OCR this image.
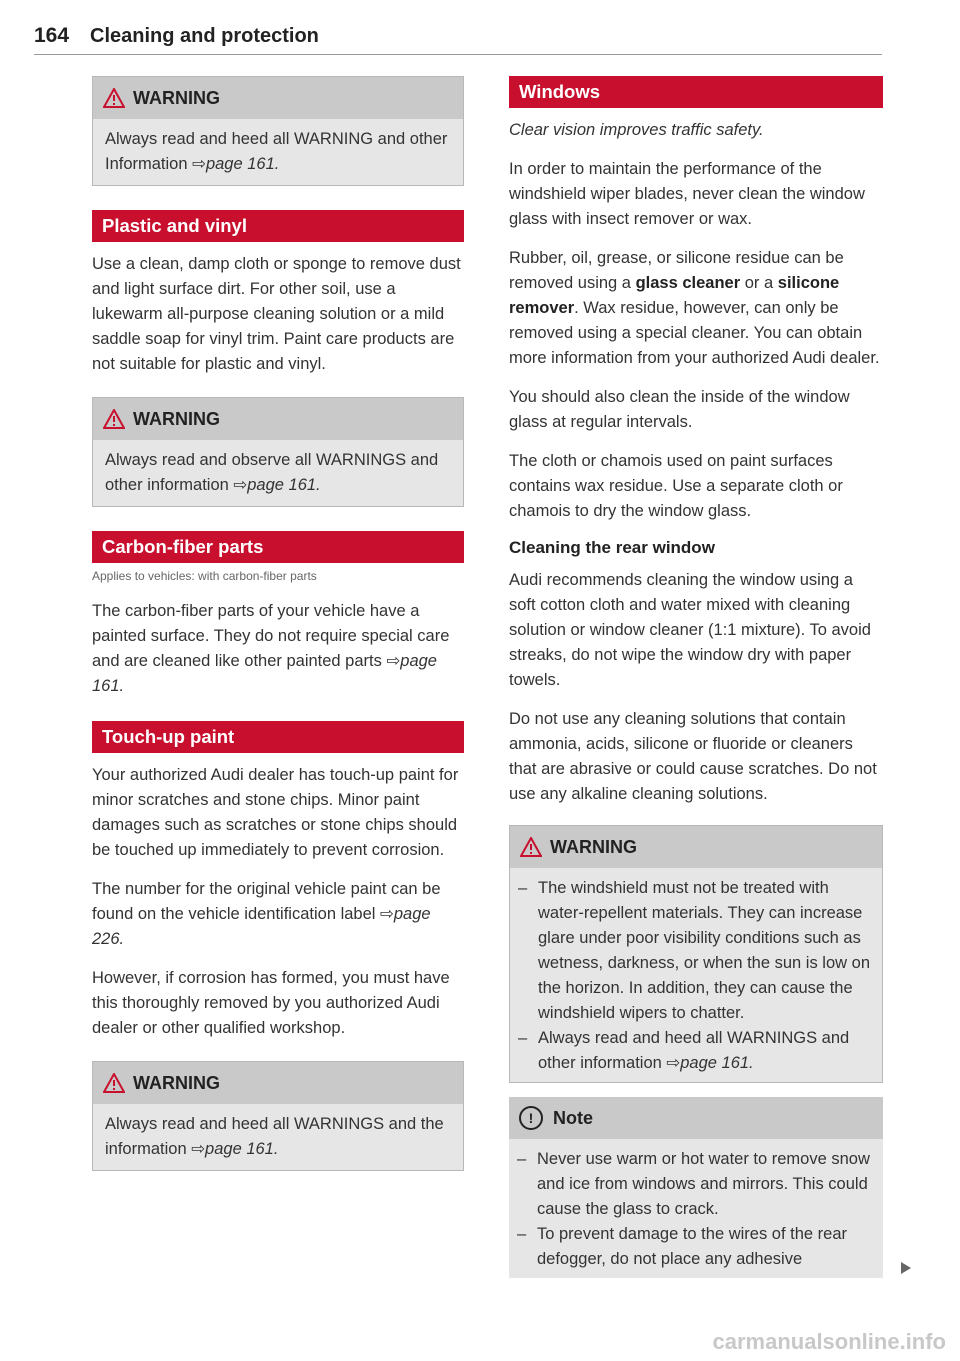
164 Cleaning and protection
WARNING

Always read and heed all WARNING and other Information ⇨page 161.

Plastic and vinyl

Use a clean, damp cloth or sponge to remove dust and light surface dirt. For other soil, use a lukewarm all-purpose cleaning solution or a mild saddle soap for vinyl trim. Paint care products are not suitable for plastic and vinyl.

WARNING

Always read and observe all WARNINGS and other information ⇨page 161.

Carbon-fiber parts
Applies to vehicles: with carbon-fiber parts

The carbon-fiber parts of your vehicle have a painted surface. They do not require special care and are cleaned like other painted parts ⇨page 161.

Touch-up paint

Your authorized Audi dealer has touch-up paint for minor scratches and stone chips. Minor paint damages such as scratches or stone chips should be touched up immediately to prevent corrosion.

The number for the original vehicle paint can be found on the vehicle identification label ⇨page 226.

However, if corrosion has formed, you must have this thoroughly removed by you authorized Audi dealer or other qualified workshop.

WARNING

Always read and heed all WARNINGS and the information ⇨page 161.

Windows

Clear vision improves traffic safety.

In order to maintain the performance of the windshield wiper blades, never clean the window glass with insect remover or wax.

Rubber, oil, grease, or silicone residue can be removed using a glass cleaner or a silicone remover. Wax residue, however, can only be removed using a special cleaner. You can obtain more information from your authorized Audi dealer.

You should also clean the inside of the window glass at regular intervals.

The cloth or chamois used on paint surfaces contains wax residue. Use a separate cloth or chamois to dry the window glass.

Cleaning the rear window

Audi recommends cleaning the window using a soft cotton cloth and water mixed with cleaning solution or window cleaner (1:1 mixture). To avoid streaks, do not wipe the window dry with paper towels.

Do not use any cleaning solutions that contain ammonia, acids, silicone or fluoride or cleaners that are abrasive or could cause scratches. Do not use any alkaline cleaning solutions.

WARNING
– The windshield must not be treated with water-repellent materials. They can increase glare under poor visibility conditions such as wetness, darkness, or when the sun is low on the horizon. In addition, they can cause the windshield wipers to chatter.
– Always read and heed all WARNINGS and other information ⇨page 161.
!	Note
– Never use warm or hot water to remove snow and ice from windows and mirrors. This could cause the glass to crack.
– To prevent damage to the wires of the rear defogger, do not place any adhesive
carmanualsonline.info
